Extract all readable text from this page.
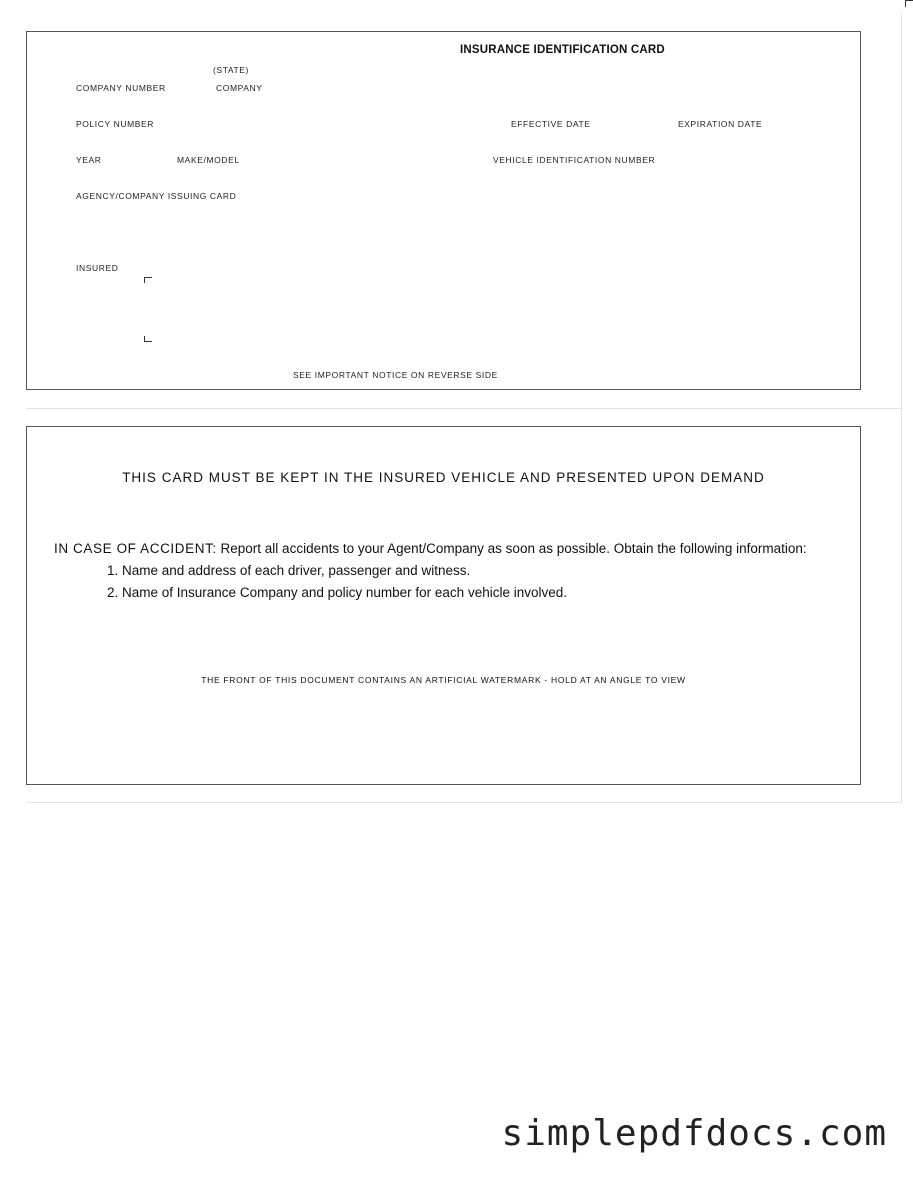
INSURANCE IDENTIFICATION CARD
(STATE)
COMPANY NUMBER	COMPANY
POLICY NUMBER	EFFECTIVE DATE	EXPIRATION DATE
YEAR	MAKE/MODEL	VEHICLE IDENTIFICATION NUMBER
AGENCY/COMPANY ISSUING CARD
INSURED
SEE IMPORTANT NOTICE ON REVERSE SIDE
THIS CARD MUST BE KEPT IN THE INSURED VEHICLE AND PRESENTED UPON DEMAND
IN CASE OF ACCIDENT: Report all accidents to your Agent/Company as soon as possible. Obtain the following information:
1. Name and address of each driver, passenger and witness.
2. Name of Insurance Company and policy number for each vehicle involved.
THE FRONT OF THIS DOCUMENT CONTAINS AN ARTIFICIAL WATERMARK - HOLD AT AN ANGLE TO VIEW
simplepdfdocs.com
